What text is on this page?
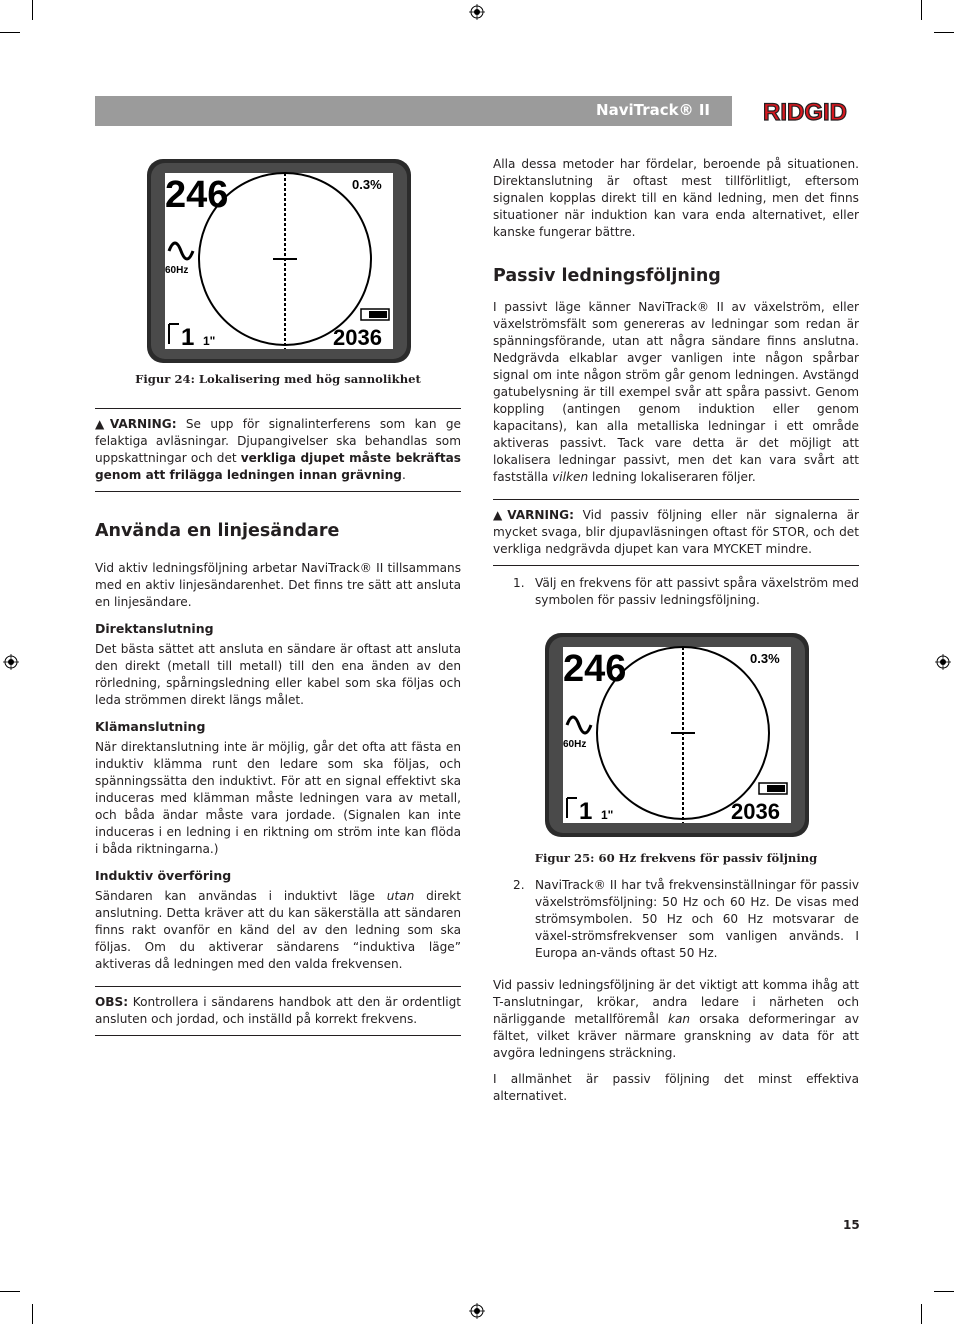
NaviTrack® II RIDGID
246	0.3%
60Hz
1 1"	2036
Figur 24: Lokalisering med hög sannolikhet

▲VARNING: Se upp för signalinterferens som kan ge felaktiga avläsningar. Djupangivelser ska behandlas som uppskattningar och det verkliga djupet måste bekräftas genom att frilägga ledningen innan grävning.

Använda en linjesändare

Vid aktiv ledningsföljning arbetar NaviTrack® II tillsammans med en aktiv linjesändarenhet. Det finns tre sätt att ansluta en linjesändare.

Direktanslutning

Det bästa sättet att ansluta en sändare är oftast att ansluta den direkt (metall till metall) till den ena änden av den rörledning, spårningsledning eller kabel som ska följas och leda strömmen direkt längs målet.

Klämanslutning

När direktanslutning inte är möjlig, går det ofta att fästa en induktiv klämma runt den ledare som ska följas, och spänningssätta den induktivt. För att en signal effektivt ska induceras med klämman måste ledningen vara av metall, och båda ändar måste vara jordade. (Signalen kan inte induceras i en ledning i en riktning om ström inte kan flöda i båda riktningarna.)

Induktiv överföring

Sändaren kan användas i induktivt läge utan direkt anslutning. Detta kräver att du kan säkerställa att sändaren finns rakt ovanför en känd del av den ledning som ska följas. Om du aktiverar sändarens “induktiva läge” aktiveras då ledningen med den valda frekvensen.

OBS: Kontrollera i sändarens handbok att den är ordentligt ansluten och jordad, och inställd på korrekt frekvens.

Alla dessa metoder har fördelar, beroende på situationen. Direktanslutning är oftast mest tillförlitligt, eftersom signalen kopplas direkt till en känd ledning, men det finns situationer när induktion kan vara enda alternativet, eller kanske fungerar bättre.

Passiv ledningsföljning

I passivt läge känner NaviTrack® II av växelström, eller växelströmsfält som genereras av ledningar som redan är spänningsförande, utan att några sändare finns anslutna. Nedgrävda elkablar avger vanligen inte någon spårbar signal om inte någon ström går genom ledningen. Avstängd gatubelysning är till exempel svår att spåra passivt. Genom koppling (antingen genom induktion eller genom kapacitans), kan alla metalliska ledningar i ett område aktiveras passivt. Tack vare detta är det möjligt att lokalisera ledningar passivt, men det kan vara svårt att fastställa vilken ledning lokaliseraren följer.

▲VARNING: Vid passiv följning eller när signalerna är mycket svaga, blir djupavläsningen oftast för STOR, och det verkliga nedgrävda djupet kan vara MYCKET mindre.

1. Välj en frekvens för att passivt spåra växelström med symbolen för passiv ledningsföljning.
246	0.3%
60Hz
1 1"	2036
Figur 25: 60 Hz frekvens för passiv följning
2. NaviTrack® II har två frekvensinställningar för passiv växelströmsföljning: 50 Hz och 60 Hz. De visas med strömsymbolen. 50 Hz och 60 Hz motsvarar de växel-strömsfrekvenser som vanligen används. I Europa an-vänds oftast 50 Hz.

Vid passiv ledningsföljning är det viktigt att komma ihåg att T-anslutningar, krökar, andra ledare i närheten och närliggande metallföremål kan orsaka deformeringar av fältet, vilket kräver närmare granskning av data för att avgöra ledningens sträckning.

I allmänhet är passiv följning det minst effektiva alternativet.

15
